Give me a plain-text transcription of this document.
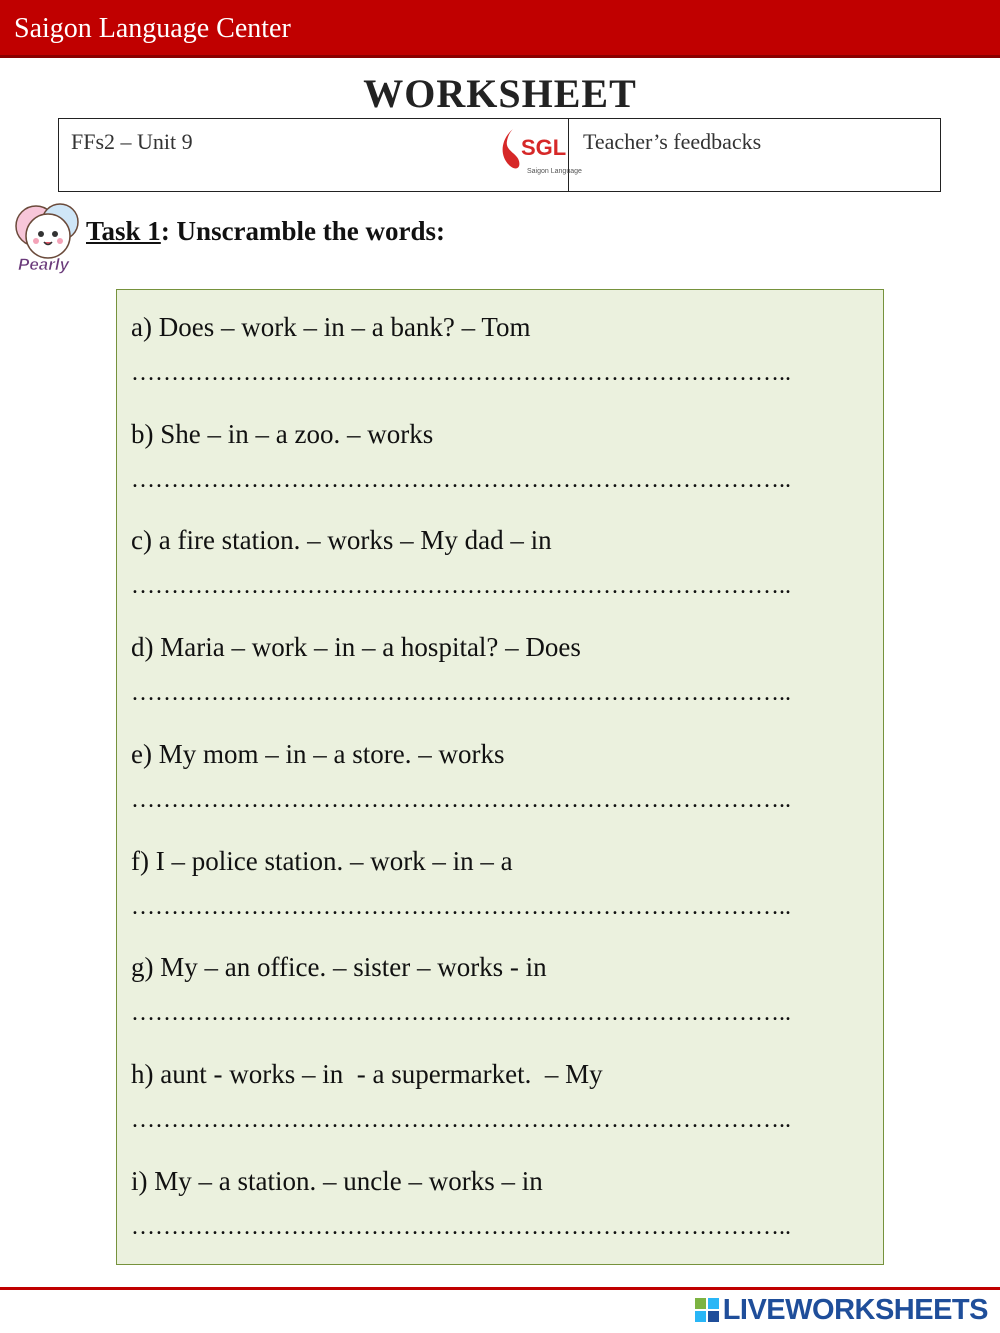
Saigon Language Center
WORKSHEET
FFs2 – Unit 9	SGL
Saigon Language
Teacher’s feedbacks
Pearly
Task 1: Unscramble the words:
a) Does – work – in – a bank? – Tom
………………………………………………………………………..
b) She – in – a zoo. – works
………………………………………………………………………..
c) a fire station. – works – My dad – in
………………………………………………………………………..
d) Maria – work – in – a hospital? – Does
………………………………………………………………………..
e) My mom – in – a store. – works
………………………………………………………………………..
f) I – police station. – work – in – a
………………………………………………………………………..
g) My – an office. – sister – works - in
………………………………………………………………………..
h) aunt - works – in  - a supermarket.  – My
………………………………………………………………………..
i) My – a station. – uncle – works – in
………………………………………………………………………..
LIVEWORKSHEETS
